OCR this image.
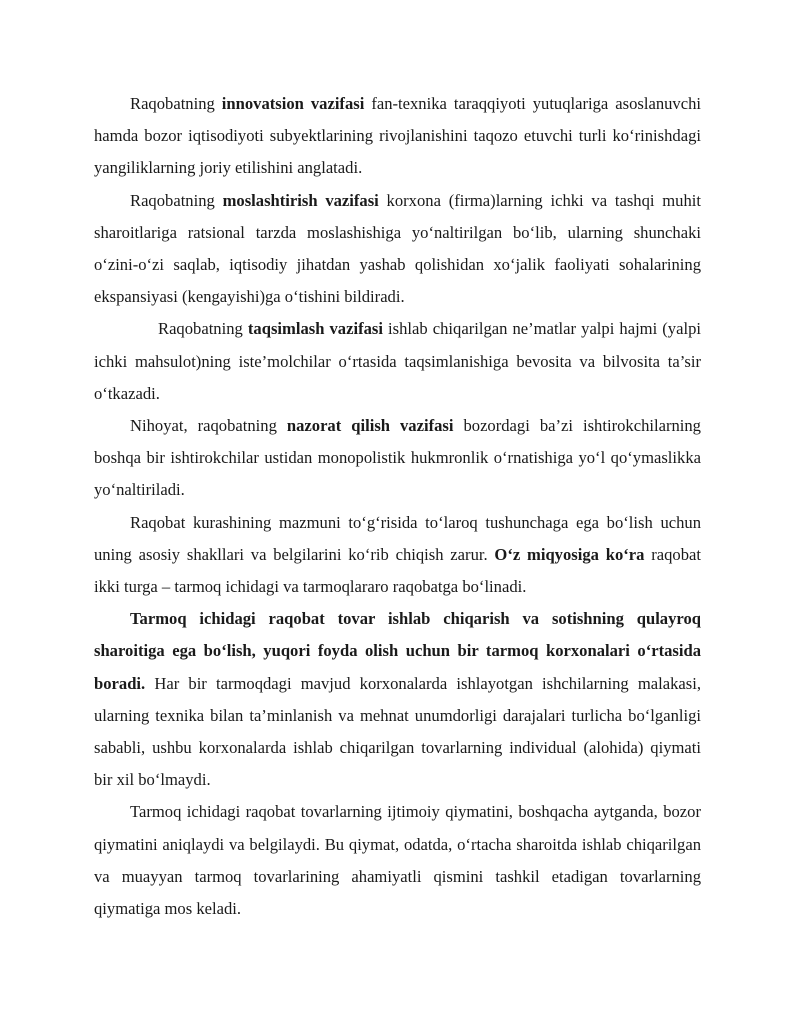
Raqobatning innovatsion vazifasi fan-texnika taraqqiyoti yutuqlariga asoslanuvchi hamda bozor iqtisodiyoti subyektlarining rivojlanishini taqozo etuvchi turli ko‘rinishdagi yangiliklarning joriy etilishini anglatadi.

Raqobatning moslashtirish vazifasi korxona (firma)larning ichki va tashqi muhit sharoitlariga ratsional tarzda moslashishiga yo‘naltirilgan bo‘lib, ularning shunchaki o‘zini-o‘zi saqlab, iqtisodiy jihatdan yashab qolishidan xo‘jalik faoliyati sohalarining ekspansiyasi (kengayishi)ga o‘tishini bildiradi.

Raqobatning taqsimlash vazifasi ishlab chiqarilgan ne’matlar yalpi hajmi (yalpi ichki mahsulot)ning iste’molchilar o‘rtasida taqsimlanishiga bevosita va bilvosita ta’sir o‘tkazadi.

Nihoyat, raqobatning nazorat qilish vazifasi bozordagi ba’zi ishtirokchilarning boshqa bir ishtirokchilar ustidan monopolistik hukmronlik o‘rnatishiga yo‘l qo‘ymaslikka yo‘naltiriladi.

Raqobat kurashining mazmuni to‘g‘risida to‘laroq tushunchaga ega bo‘lish uchun uning asosiy shakllari va belgilarini ko‘rib chiqish zarur. O‘z miqyosiga ko‘ra raqobat ikki turga – tarmoq ichidagi va tarmoqlararo raqobatga bo‘linadi.

Tarmoq ichidagi raqobat tovar ishlab chiqarish va sotishning qulayroq sharoitiga ega bo‘lish, yuqori foyda olish uchun bir tarmoq korxonalari o‘rtasida boradi. Har bir tarmoqdagi mavjud korxonalarda ishlayotgan ishchilarning malakasi, ularning texnika bilan ta’minlanish va mehnat unumdorligi darajalari turlicha bo‘lganligi sababli, ushbu korxonalarda ishlab chiqarilgan tovarlarning individual (alohida) qiymati bir xil bo‘lmaydi.

Tarmoq ichidagi raqobat tovarlarning ijtimoiy qiymatini, boshqacha aytganda, bozor qiymatini aniqlaydi va belgilaydi. Bu qiymat, odatda, o‘rtacha sharoitda ishlab chiqarilgan va muayyan tarmoq tovarlarining ahamiyatli qismini tashkil etadigan tovarlarning qiymatiga mos keladi.
